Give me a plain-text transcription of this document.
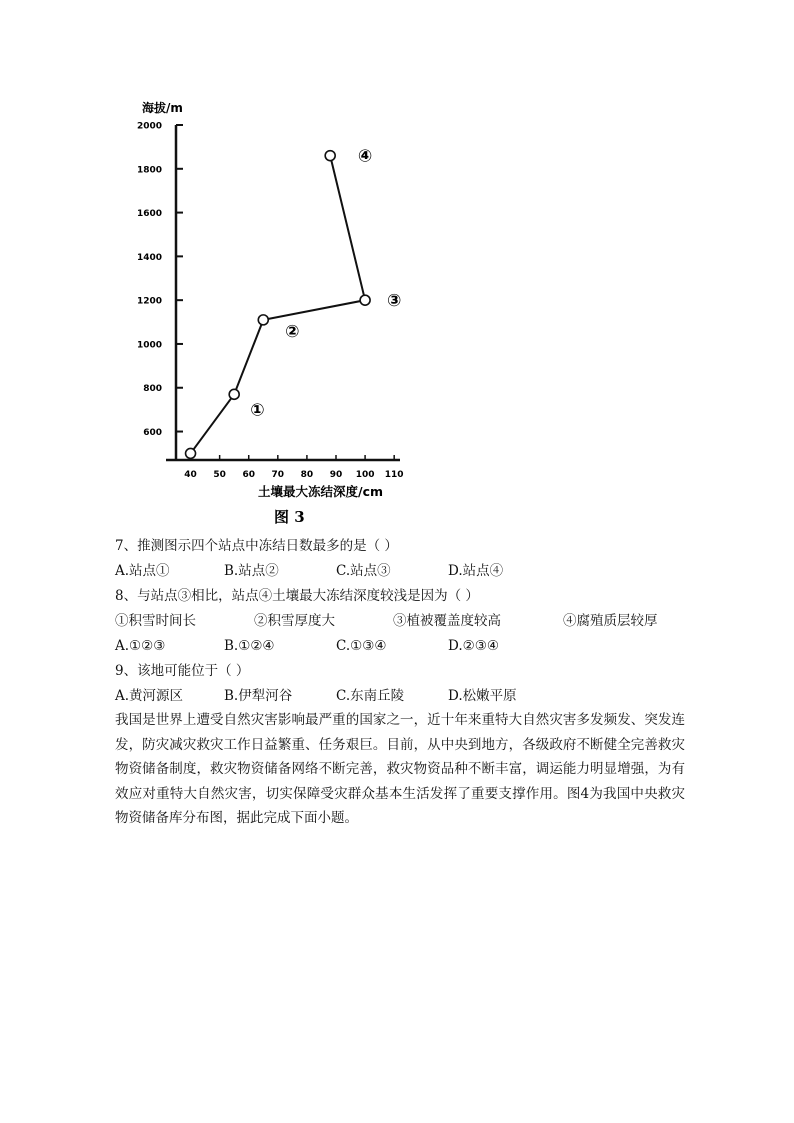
海拔/m
600
800
1000
1200
1400
1600
1800
2000
40 50 60 70 80 90 100 110
①
②
③
④
土壤最大冻结深度/cm
图 3
7、推测图示四个站点中冻结日数最多的是（ ）
A.站点①	B.站点②	C.站点③	D.站点④
8、与站点③相比，站点④土壤最大冻结深度较浅是因为（ ）
①积雪时间长	②积雪厚度大	③植被覆盖度较高	④腐殖质层较厚
A.①②③	B.①②④	C.①③④	D.②③④
9、该地可能位于（ ）
A.黄河源区	B.伊犁河谷	C.东南丘陵	D.松嫩平原
我国是世界上遭受自然灾害影响最严重的国家之一，近十年来重特大自然灾害多发频发、突发连发，防灾减灾救灾工作日益繁重、任务艰巨。目前，从中央到地方，各级政府不断健全完善救灾物资储备制度，救灾物资储备网络不断完善，救灾物资品种不断丰富，调运能力明显增强，为有效应对重特大自然灾害，切实保障受灾群众基本生活发挥了重要支撑作用。图4为我国中央救灾物资储备库分布图，据此完成下面小题。
